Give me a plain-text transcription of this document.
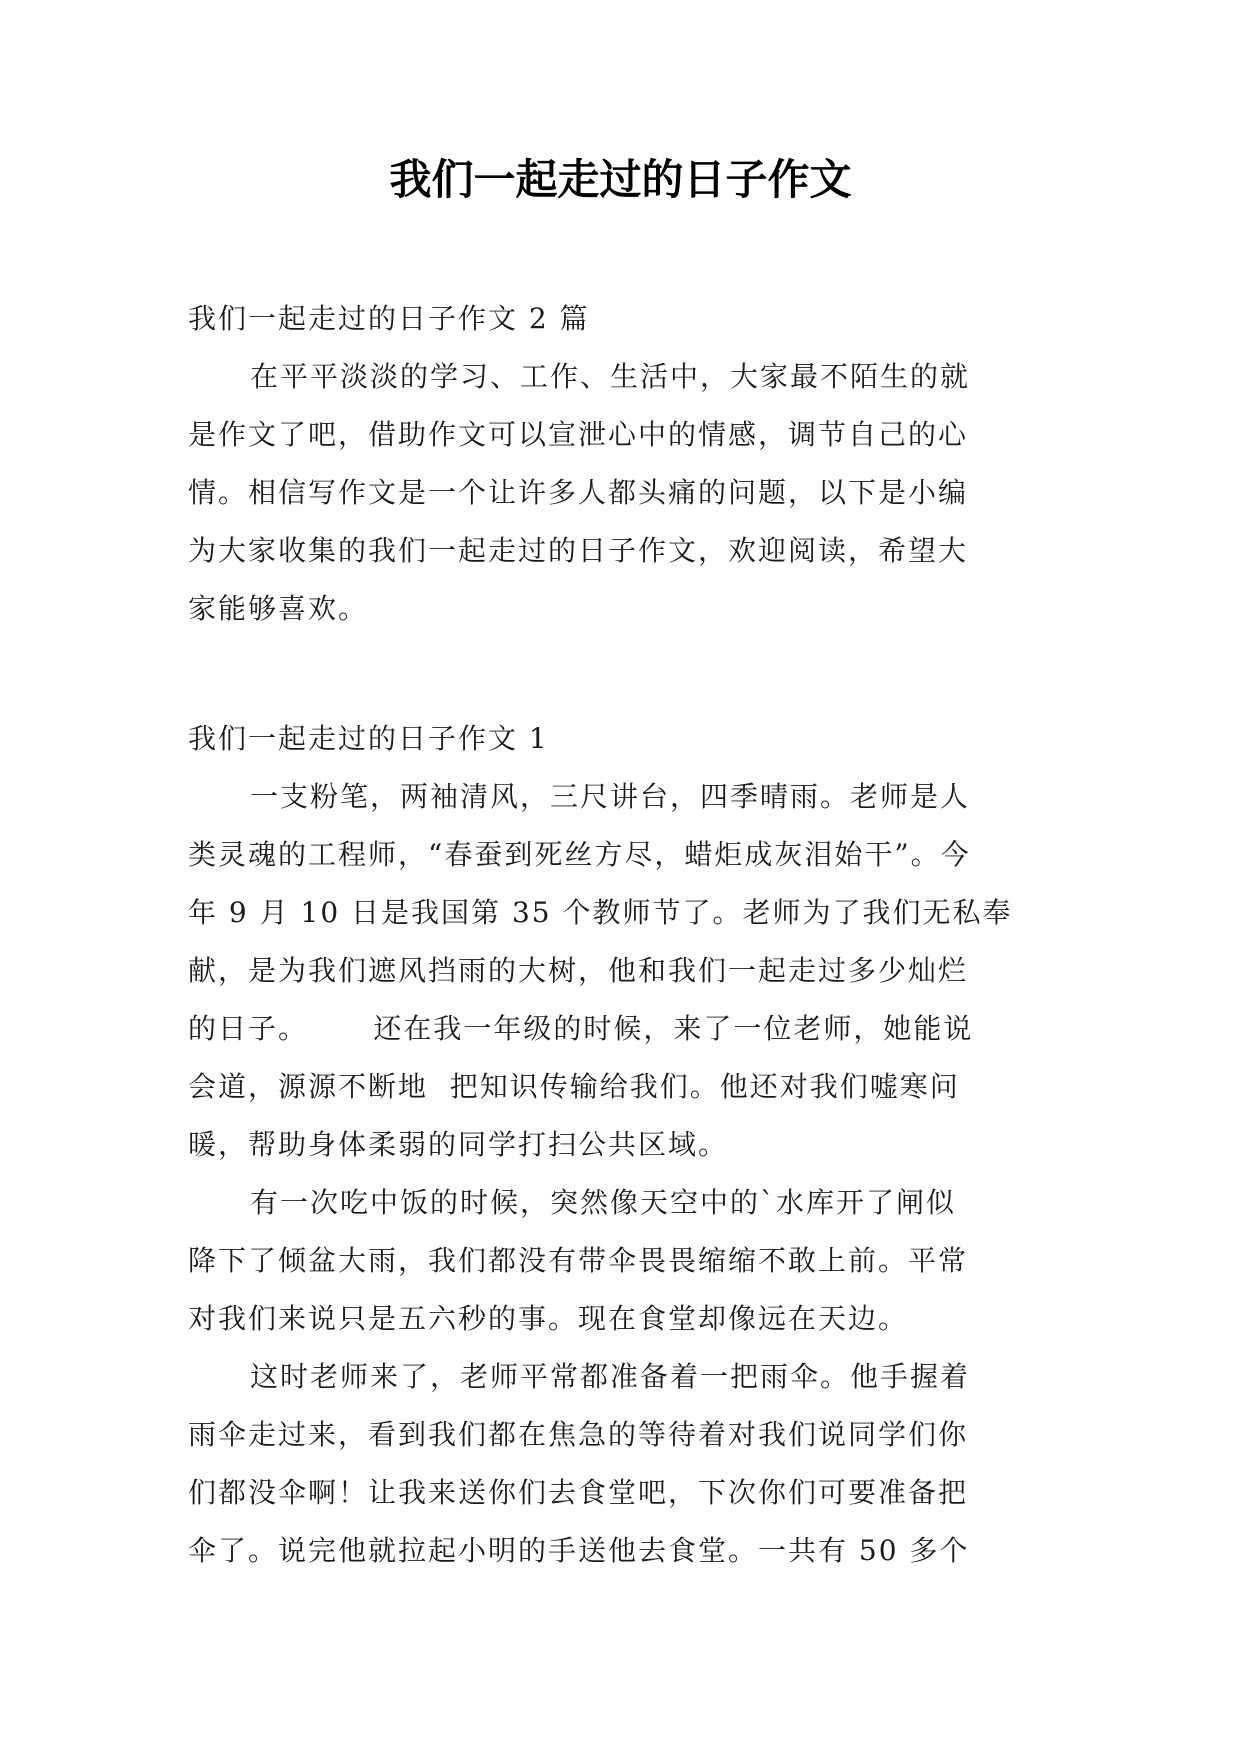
我们一起走过的日子作文
我们一起走过的日子作文 2 篇
在平平淡淡的学习、工作、生活中，大家最不陌生的就
是作文了吧，借助作文可以宣泄心中的情感，调节自己的心
情。相信写作文是一个让许多人都头痛的问题，以下是小编
为大家收集的我们一起走过的日子作文，欢迎阅读，希望大
家能够喜欢。
我们一起走过的日子作文 1
一支粉笔，两袖清风，三尺讲台，四季晴雨。老师是人
类灵魂的工程师，“春蚕到死丝方尽，蜡炬成灰泪始干”。今
年 9 月 10 日是我国第 35 个教师节了。老师为了我们无私奉
献，是为我们遮风挡雨的大树，他和我们一起走过多少灿烂
的日子。      还在我一年级的时候，来了一位老师，她能说
会道，源源不断地  把知识传输给我们。他还对我们嘘寒问
暖，帮助身体柔弱的同学打扫公共区域。
有一次吃中饭的时候，突然像天空中的`水库开了闸似
降下了倾盆大雨，我们都没有带伞畏畏缩缩不敢上前。平常
对我们来说只是五六秒的事。现在食堂却像远在天边。
这时老师来了，老师平常都准备着一把雨伞。他手握着
雨伞走过来，看到我们都在焦急的等待着对我们说同学们你
们都没伞啊！让我来送你们去食堂吧，下次你们可要准备把
伞了。说完他就拉起小明的手送他去食堂。一共有 50 多个
